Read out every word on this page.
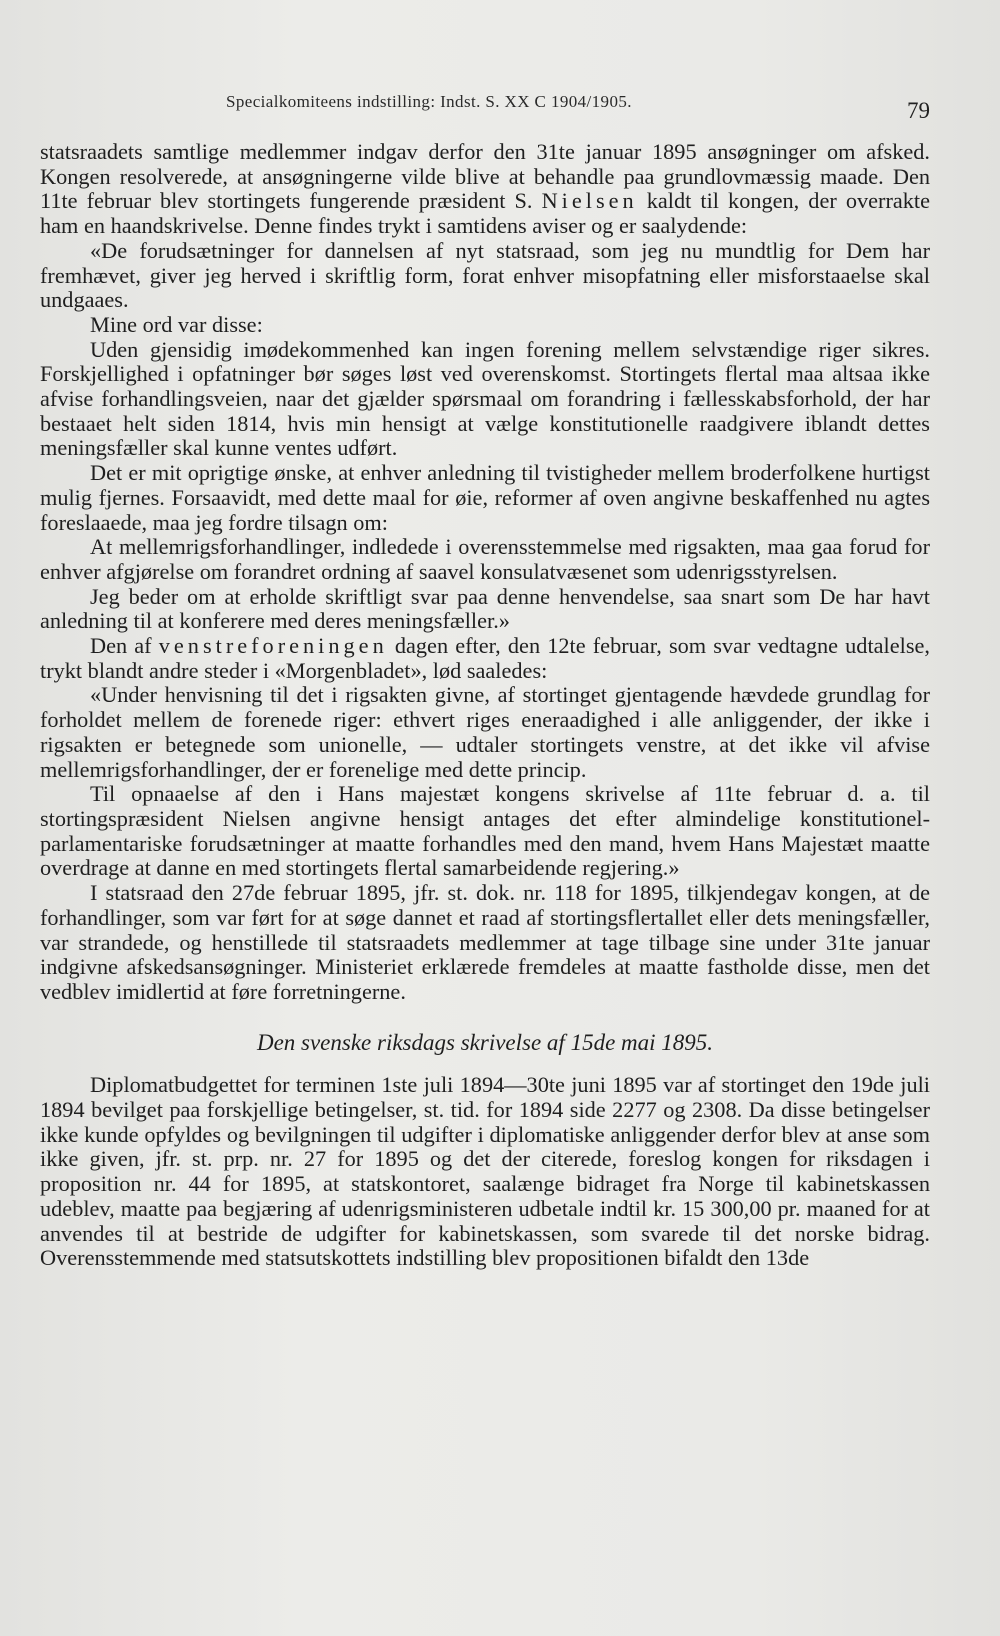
Specialkomiteens indstilling: Indst. S. XX C 1904/1905.	79

statsraadets samtlige medlemmer indgav derfor den 31te januar 1895 ansøgninger om afsked. Kongen resolverede, at ansøgningerne vilde blive at behandle paa grundlovmæssig maade. Den 11te februar blev stortingets fungerende præsident S. Nielsen kaldt til kongen, der overrakte ham en haandskrivelse. Denne findes trykt i samtidens aviser og er saalydende:

«De forudsætninger for dannelsen af nyt statsraad, som jeg nu mundtlig for Dem har fremhævet, giver jeg herved i skriftlig form, forat enhver misopfatning eller misforstaaelse skal undgaaes.

Mine ord var disse:

Uden gjensidig imødekommenhed kan ingen forening mellem selvstændige riger sikres. Forskjellighed i opfatninger bør søges løst ved overenskomst. Stortingets flertal maa altsaa ikke afvise forhandlingsveien, naar det gjælder spørsmaal om forandring i fællesskabsforhold, der har bestaaet helt siden 1814, hvis min hensigt at vælge konstitutionelle raadgivere iblandt dettes meningsfæller skal kunne ventes udført.

Det er mit oprigtige ønske, at enhver anledning til tvistigheder mellem broderfolkene hurtigst mulig fjernes. Forsaavidt, med dette maal for øie, reformer af oven angivne beskaffenhed nu agtes foreslaaede, maa jeg fordre tilsagn om:

At mellemrigsforhandlinger, indledede i overensstemmelse med rigsakten, maa gaa forud for enhver afgjørelse om forandret ordning af saavel konsulatvæsenet som udenrigsstyrelsen.

Jeg beder om at erholde skriftligt svar paa denne henvendelse, saa snart som De har havt anledning til at konferere med deres meningsfæller.»

Den af venstreforeningen dagen efter, den 12te februar, som svar vedtagne udtalelse, trykt blandt andre steder i «Morgenbladet», lød saaledes:

«Under henvisning til det i rigsakten givne, af stortinget gjentagende hævdede grundlag for forholdet mellem de forenede riger: ethvert riges eneraadighed i alle anliggender, der ikke i rigsakten er betegnede som unionelle, — udtaler stortingets venstre, at det ikke vil afvise mellemrigsforhandlinger, der er forenelige med dette princip.

Til opnaaelse af den i Hans majestæt kongens skrivelse af 11te februar d. a. til stortingspræsident Nielsen angivne hensigt antages det efter almindelige konstitutionel-parlamentariske forudsætninger at maatte forhandles med den mand, hvem Hans Majestæt maatte overdrage at danne en med stortingets flertal samarbeidende regjering.»

I statsraad den 27de februar 1895, jfr. st. dok. nr. 118 for 1895, tilkjendegav kongen, at de forhandlinger, som var ført for at søge dannet et raad af stortingsflertallet eller dets meningsfæller, var strandede, og henstillede til statsraadets medlemmer at tage tilbage sine under 31te januar indgivne afskedsansøgninger. Ministeriet erklærede fremdeles at maatte fastholde disse, men det vedblev imidlertid at føre forretningerne.

Den svenske riksdags skrivelse af 15de mai 1895.

Diplomatbudgettet for terminen 1ste juli 1894—30te juni 1895 var af stortinget den 19de juli 1894 bevilget paa forskjellige betingelser, st. tid. for 1894 side 2277 og 2308. Da disse betingelser ikke kunde opfyldes og bevilgningen til udgifter i diplomatiske anliggender derfor blev at anse som ikke given, jfr. st. prp. nr. 27 for 1895 og det der citerede, foreslog kongen for riksdagen i proposition nr. 44 for 1895, at statskontoret, saalænge bidraget fra Norge til kabinetskassen udeblev, maatte paa begjæring af udenrigsministeren udbetale indtil kr. 15 300,00 pr. maaned for at anvendes til at bestride de udgifter for kabinetskassen, som svarede til det norske bidrag. Overensstemmende med statsutskottets indstilling blev propositionen bifaldt den 13de
